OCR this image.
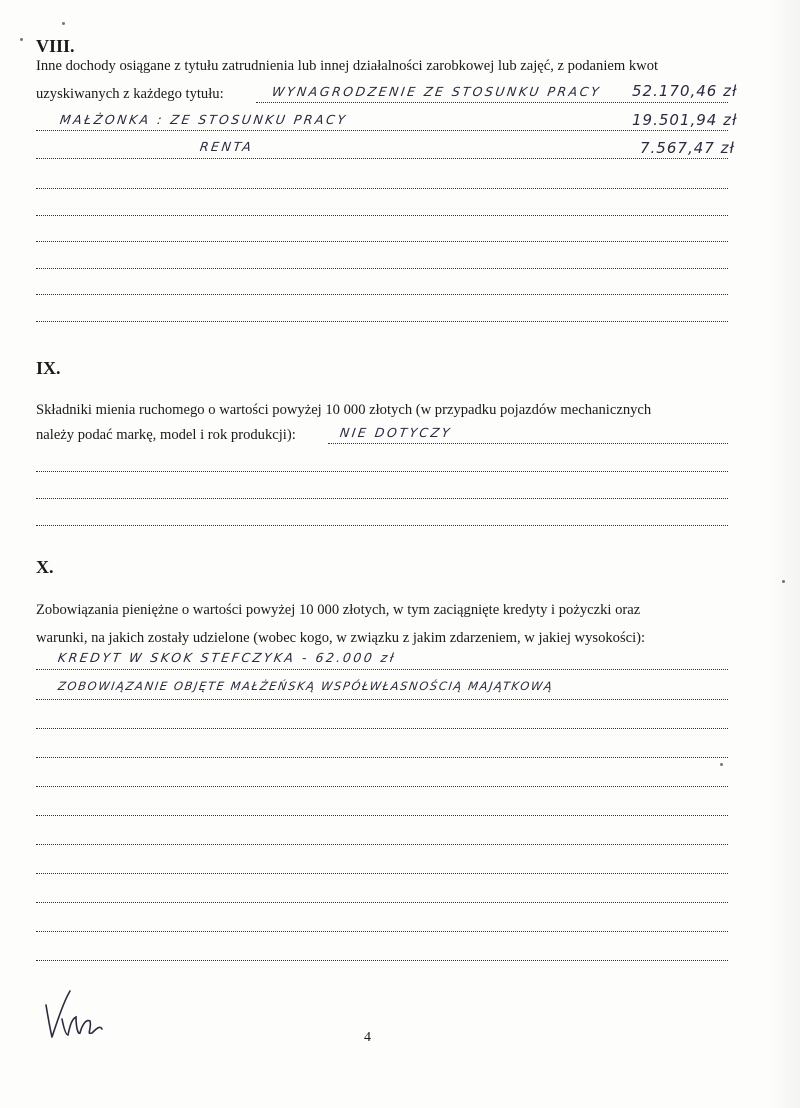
VIII.
Inne dochody osiągane z tytułu zatrudnienia lub innej działalności zarobkowej lub zajęć, z podaniem kwot
uzyskiwanych z każdego tytułu:	WYNAGRODZENIE ZE STOSUNKU PRACY 52.170,46 zł
MAŁŻONKA : ZE STOSUNKU PRACY	19.501,94 zł
RENTA	7.567,47 zł
IX.
Składniki mienia ruchomego o wartości powyżej 10 000 złotych (w przypadku pojazdów mechanicznych
należy podać markę, model i rok produkcji):	NIE DOTYCZY
X.
Zobowiązania pieniężne o wartości powyżej 10 000 złotych, w tym zaciągnięte kredyty i pożyczki oraz
warunki, na jakich zostały udzielone (wobec kogo, w związku z jakim zdarzeniem, w jakiej wysokości):
KREDYT W SKOK STEFCZYKA - 62.000 zł
ZOBOWIĄZANIE OBJĘTE MAŁŻEŃSKĄ WSPÓŁWŁASNOŚCIĄ MAJĄTKOWĄ
4
